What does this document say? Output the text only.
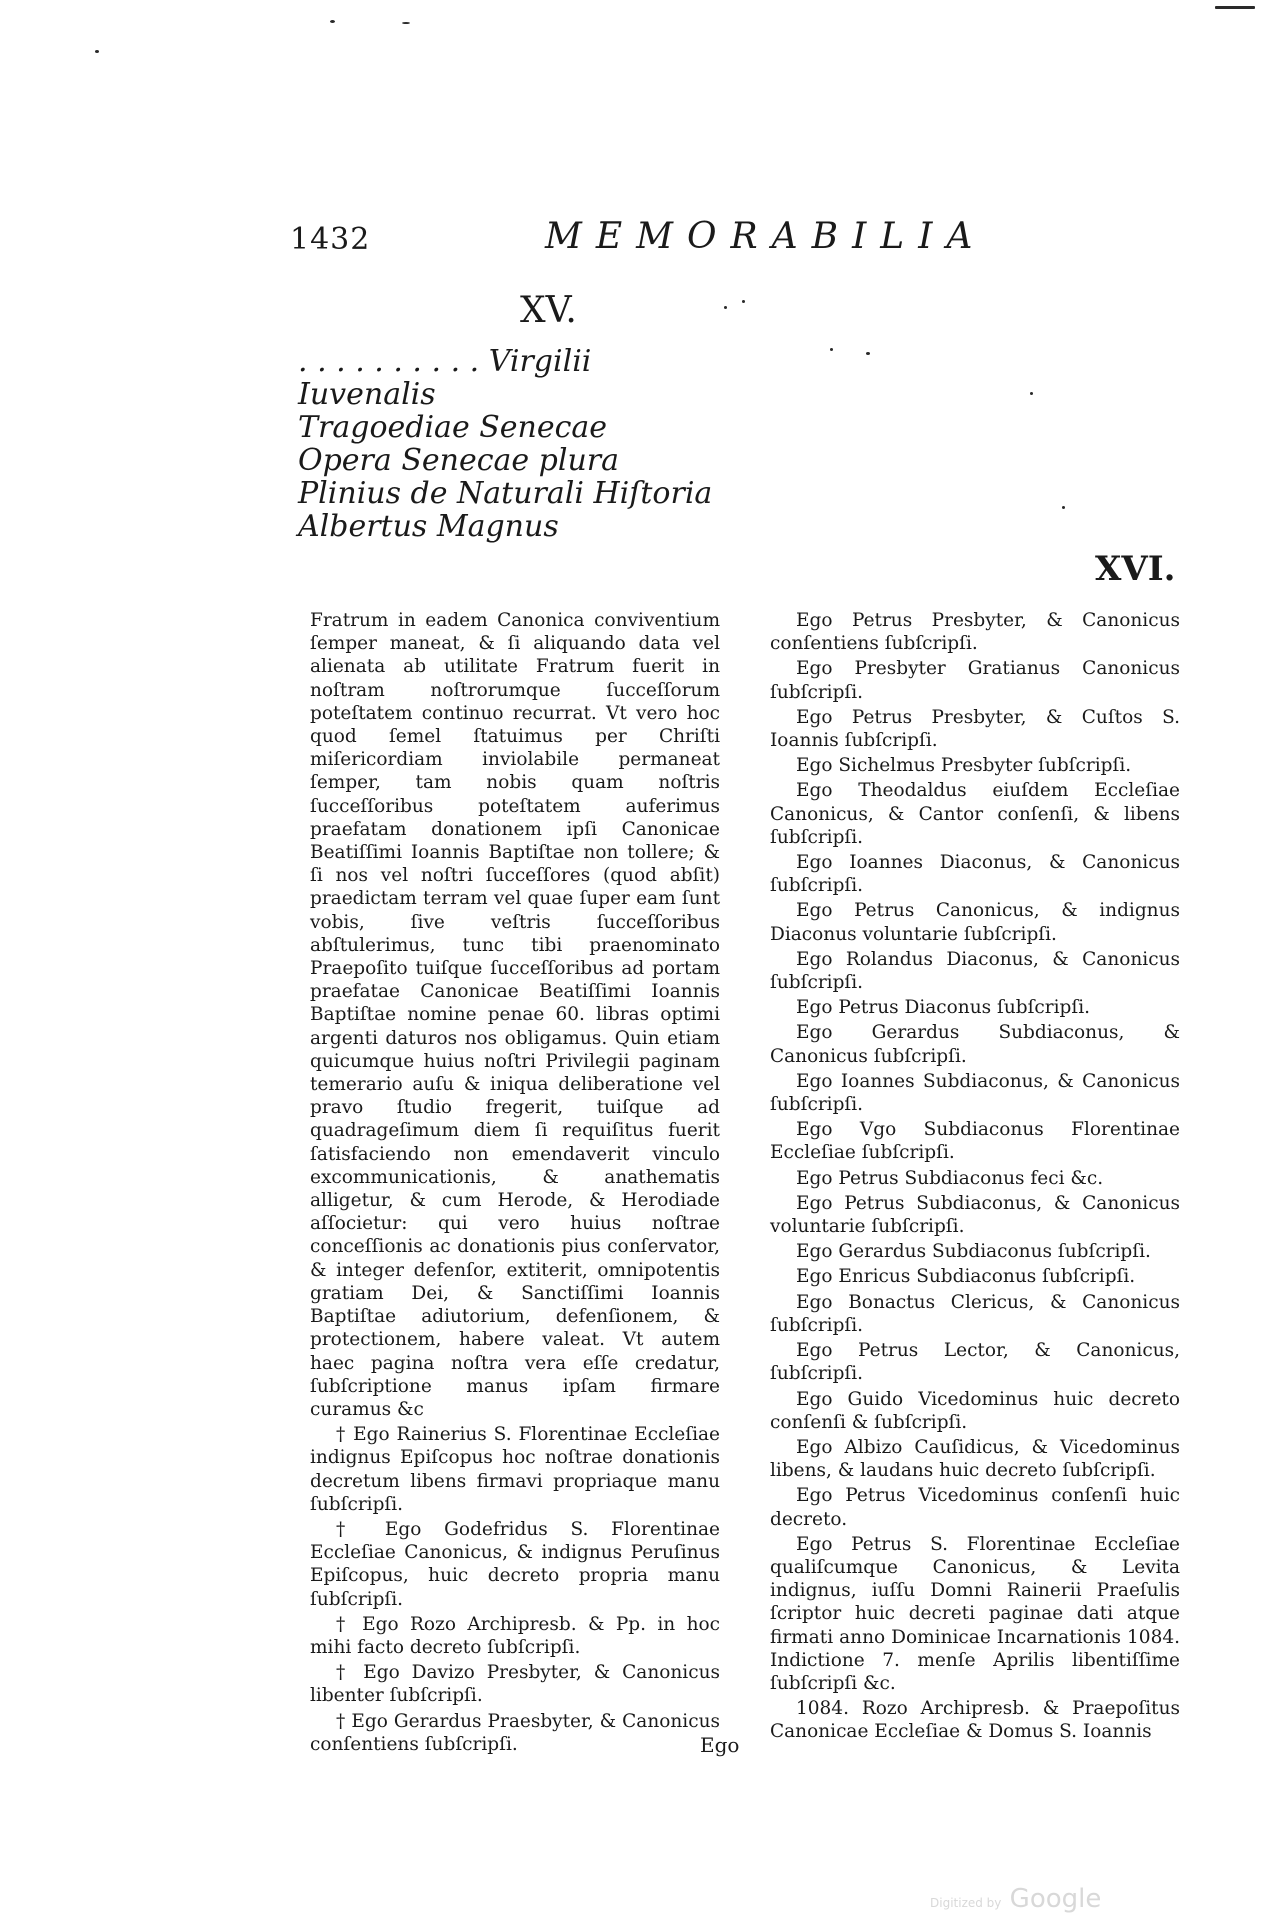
1432	MEMORABILIA
XV.
. . . . . . . . . . Virgilii
Iuvenalis
Tragoediae Senecae
Opera Senecae plura
Plinius de Naturali Hiſtoria
Albertus Magnus
XVI.

Fratrum in eadem Canonica conviventium ſemper maneat, & ſi aliquando data vel alienata ab utilitate Fratrum fuerit in noſtram noſtrorumque ſucceſſorum poteſtatem continuo recurrat. Vt vero hoc quod ſemel ſtatuimus per Chriſti miſericordiam inviolabile permaneat ſemper, tam nobis quam noſtris ſucceſſoribus poteſtatem auferimus praefatam donationem ipſi Canonicae Beatiſſimi Ioannis Baptiſtae non tollere; & ſi nos vel noſtri ſucceſſores (quod abſit) praedictam terram vel quae ſuper eam ſunt vobis, ſive veſtris ſucceſſoribus abſtulerimus, tunc tibi praenominato Praepoſito tuiſque ſucceſſoribus ad portam praefatae Canonicae Beatiſſimi Ioannis Baptiſtae nomine penae 60. libras optimi argenti daturos nos obligamus. Quin etiam quicumque huius noſtri Privilegii paginam temerario auſu & iniqua deliberatione vel pravo ſtudio fregerit, tuiſque ad quadrageſimum diem ſi requiſitus fuerit ſatisfaciendo non emendaverit vinculo excommunicationis, & anathematis alligetur, & cum Herode, & Herodiade aſſocietur: qui vero huius noſtrae conceſſionis ac donationis pius conſervator, & integer defenſor, extiterit, omnipotentis gratiam Dei, & Sanctiſſimi Ioannis Baptiſtae adiutorium, defenſionem, & protectionem, habere valeat. Vt autem haec pagina noſtra vera eſſe credatur, ſubſcriptione manus ipſam firmare curamus &c

† Ego Rainerius S. Florentinae Eccleſiae indignus Epiſcopus hoc noſtrae donationis decretum libens firmavi propriaque manu ſubſcripſi.

† Ego Godefridus S. Florentinae Eccleſiae Canonicus, & indignus Peruſinus Epiſcopus, huic decreto propria manu ſubſcripſi.

† Ego Rozo Archipresb. & Pp. in hoc mihi facto decreto ſubſcripſi.

† Ego Davizo Presbyter, & Canonicus libenter ſubſcripſi.

† Ego Gerardus Praesbyter, & Canonicus conſentiens ſubſcripſi.

Ego Petrus Presbyter, & Canonicus conſentiens ſubſcripſi.

Ego Presbyter Gratianus Canonicus ſubſcripſi.

Ego Petrus Presbyter, & Cuſtos S. Ioannis ſubſcripſi.

Ego Sichelmus Presbyter ſubſcripſi.

Ego Theodaldus eiuſdem Eccleſiae Canonicus, & Cantor conſenſi, & libens ſubſcripſi.

Ego Ioannes Diaconus, & Canonicus ſubſcripſi.

Ego Petrus Canonicus, & indignus Diaconus voluntarie ſubſcripſi.

Ego Rolandus Diaconus, & Canonicus ſubſcripſi.

Ego Petrus Diaconus ſubſcripſi.

Ego Gerardus Subdiaconus, & Canonicus ſubſcripſi.

Ego Ioannes Subdiaconus, & Canonicus ſubſcripſi.

Ego Vgo Subdiaconus Florentinae Eccleſiae ſubſcripſi.

Ego Petrus Subdiaconus feci &c.

Ego Petrus Subdiaconus, & Canonicus voluntarie ſubſcripſi.

Ego Gerardus Subdiaconus ſubſcripſi.

Ego Enricus Subdiaconus ſubſcripſi.

Ego Bonactus Clericus, & Canonicus ſubſcripſi.

Ego Petrus Lector, & Canonicus, ſubſcripſi.

Ego Guido Vicedominus huic decreto conſenſi & ſubſcripſi.

Ego Albizo Cauſidicus, & Vicedominus libens, & laudans huic decreto ſubſcripſi.

Ego Petrus Vicedominus conſenſi huic decreto.

Ego Petrus S. Florentinae Eccleſiae qualiſcumque Canonicus, & Levita indignus, iuſſu Domni Rainerii Praeſulis ſcriptor huic decreti paginae dati atque firmati anno Dominicae Incarnationis 1084. Indictione 7. menſe Aprilis libentiſſime ſubſcripſi &c.

1084. Rozo Archipresb. & Praepoſitus Canonicae Eccleſiae & Domus S. Ioannis

Ego
Digitized by Google
